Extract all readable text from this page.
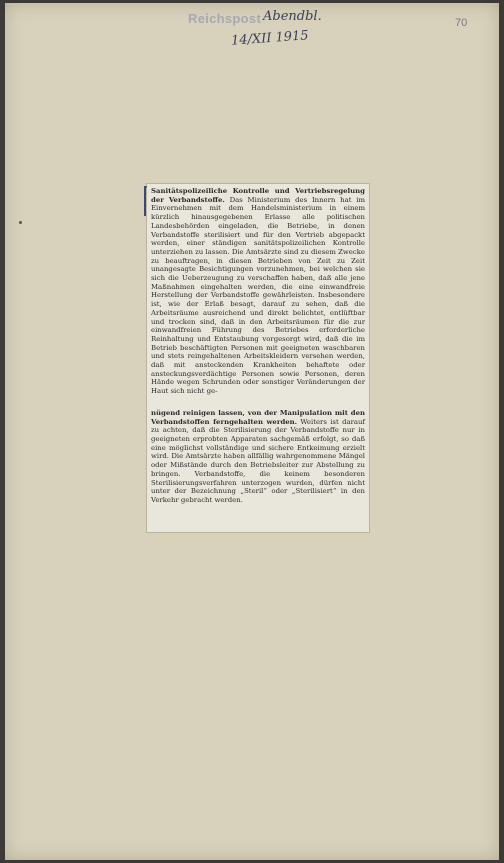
Reichspost Abendbl.
14/XII 1915
70

Sanitätspolizeiliche Kontrolle und Vertriebsregelung der Verbandstoffe. Das Ministerium des Innern hat im Einvernehmen mit dem Handelsministerium in einem kürzlich hinausgegebenen Erlasse alle politischen Landesbehörden eingeladen, die Betriebe, in denen Verbandstoffe sterilisiert und für den Vertrieb abgepackt werden, einer ständigen sanitätspolizeilichen Kontrolle unterziehen zu lassen. Die Amtsärzte sind zu diesem Zwecke zu beauftragen, in diesen Betrieben von Zeit zu Zeit unangesagte Besichtigungen vorzunehmen, bei welchen sie sich die Ueberzeugung zu verschaffen haben, daß alle jene Maßnahmen eingehalten werden, die eine einwandfreie Herstellung der Verbandstoffe gewährleisten. Insbesondere ist, wie der Erlaß besagt, darauf zu sehen, daß die Arbeitsräume ausreichend und direkt belichtet, entlüftbar und trocken sind, daß in den Arbeitsräumen für die zur einwandfreien Führung des Betriebes erforderliche Reinhaltung und Entstaubung vorgesorgt wird, daß die im Betrieb beschäftigten Personen mit geeigneten waschbaren und stets reingehaltenen Arbeitskleidern versehen werden, daß mit ansteckenden Krankheiten behaftete oder ansteckungsverdächtige Personen sowie Personen, deren Hände wegen Schrunden oder sonstiger Veränderungen der Haut sich nicht ge-

nügend reinigen lassen, von der Manipulation mit den Verbandstoffen ferngehalten werden. Weiters ist darauf zu achten, daß die Sterilisierung der Verbandstoffe nur in geeigneten erprobten Apparaten sachgemäß erfolgt, so daß eine möglichst vollständige und sichere Entkeimung erzielt wird. Die Amtsärzte haben allfällig wahrgenommene Mängel oder Mißstände durch den Betriebsleiter zur Abstellung zu bringen. Verbandstoffe, die keinem besonderen Sterilisierungsverfahren unterzogen wurden, dürfen nicht unter der Bezeichnung „Steril“ oder „Sterilisiert“ in den Verkehr gebracht werden.
